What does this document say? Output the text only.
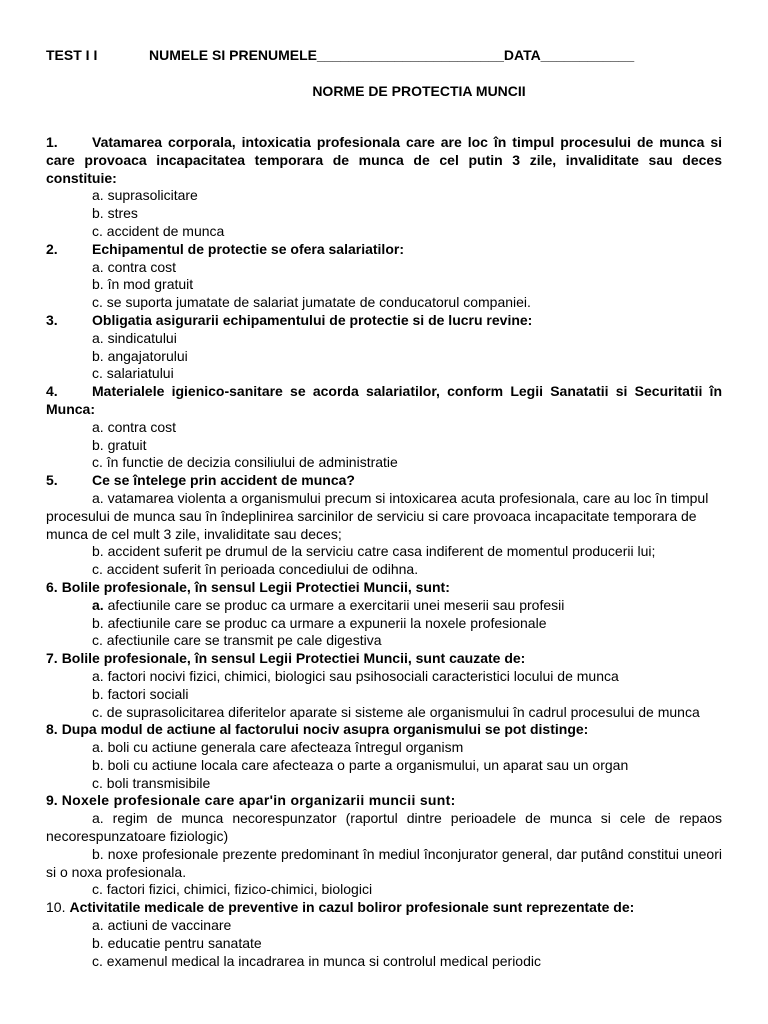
TEST I I	NUMELE SI PRENUMELE________________________DATA____________
NORME DE PROTECTIA MUNCII
1. Vatamarea corporala, intoxicatia profesionala care are loc în timpul procesului de munca si care provoaca incapacitatea temporara de munca de cel putin 3 zile, invaliditate sau deces constituie:
a. suprasolicitare
b. stres
c. accident de munca
2. Echipamentul de protectie se ofera salariatilor:
a. contra cost
b. în mod gratuit
c. se suporta jumatate de salariat jumatate de conducatorul companiei.
3. Obligatia asigurarii echipamentului de protectie si de lucru revine:
a. sindicatului
b. angajatorului
c. salariatului
4. Materialele igienico-sanitare se acorda salariatilor, conform Legii Sanatatii si Securitatii în Munca:
a. contra cost
b. gratuit
c. în functie de decizia consiliului de administratie
5. Ce se întelege prin accident de munca?
a. vatamarea violenta a organismului precum si intoxicarea acuta profesionala, care au loc în timpul procesului de munca sau în îndeplinirea sarcinilor de serviciu si care provoaca incapacitate temporara de munca de cel mult 3 zile, invaliditate sau deces;
b. accident suferit pe drumul de la serviciu catre casa indiferent de momentul producerii lui;
c. accident suferit în perioada concediului de odihna.
6. Bolile profesionale, în sensul Legii Protectiei Muncii, sunt:
a. afectiunile care se produc ca urmare a exercitarii unei meserii sau profesii
b. afectiunile care se produc ca urmare a expunerii la noxele profesionale
c. afectiunile care se transmit pe cale digestiva
7. Bolile profesionale, în sensul Legii Protectiei Muncii, sunt cauzate de:
a. factori nocivi fizici, chimici, biologici sau psihosociali caracteristici locului de munca
b. factori sociali
c. de suprasolicitarea diferitelor aparate si sisteme ale organismului în cadrul procesului de munca
8. Dupa modul de actiune al factorului nociv asupra organismului se pot distinge:
a. boli cu actiune generala care afecteaza întregul organism
b. boli cu actiune locala care afecteaza o parte a organismului, un aparat sau un organ
c. boli transmisibile
9. Noxele profesionale care apar'in organizarii muncii sunt:
a. regim de munca necorespunzator (raportul dintre perioadele de munca si cele de repaos necorespunzatoare fiziologic)
b. noxe profesionale prezente predominant în mediul înconjurator general, dar putând constitui uneori si o noxa profesionala.
c. factori fizici, chimici, fizico-chimici, biologici
10. Activitatile medicale de preventive in cazul boliror profesionale sunt reprezentate de:
a. actiuni de vaccinare
b. educatie pentru sanatate
c. examenul medical la incadrarea in munca si controlul medical periodic
